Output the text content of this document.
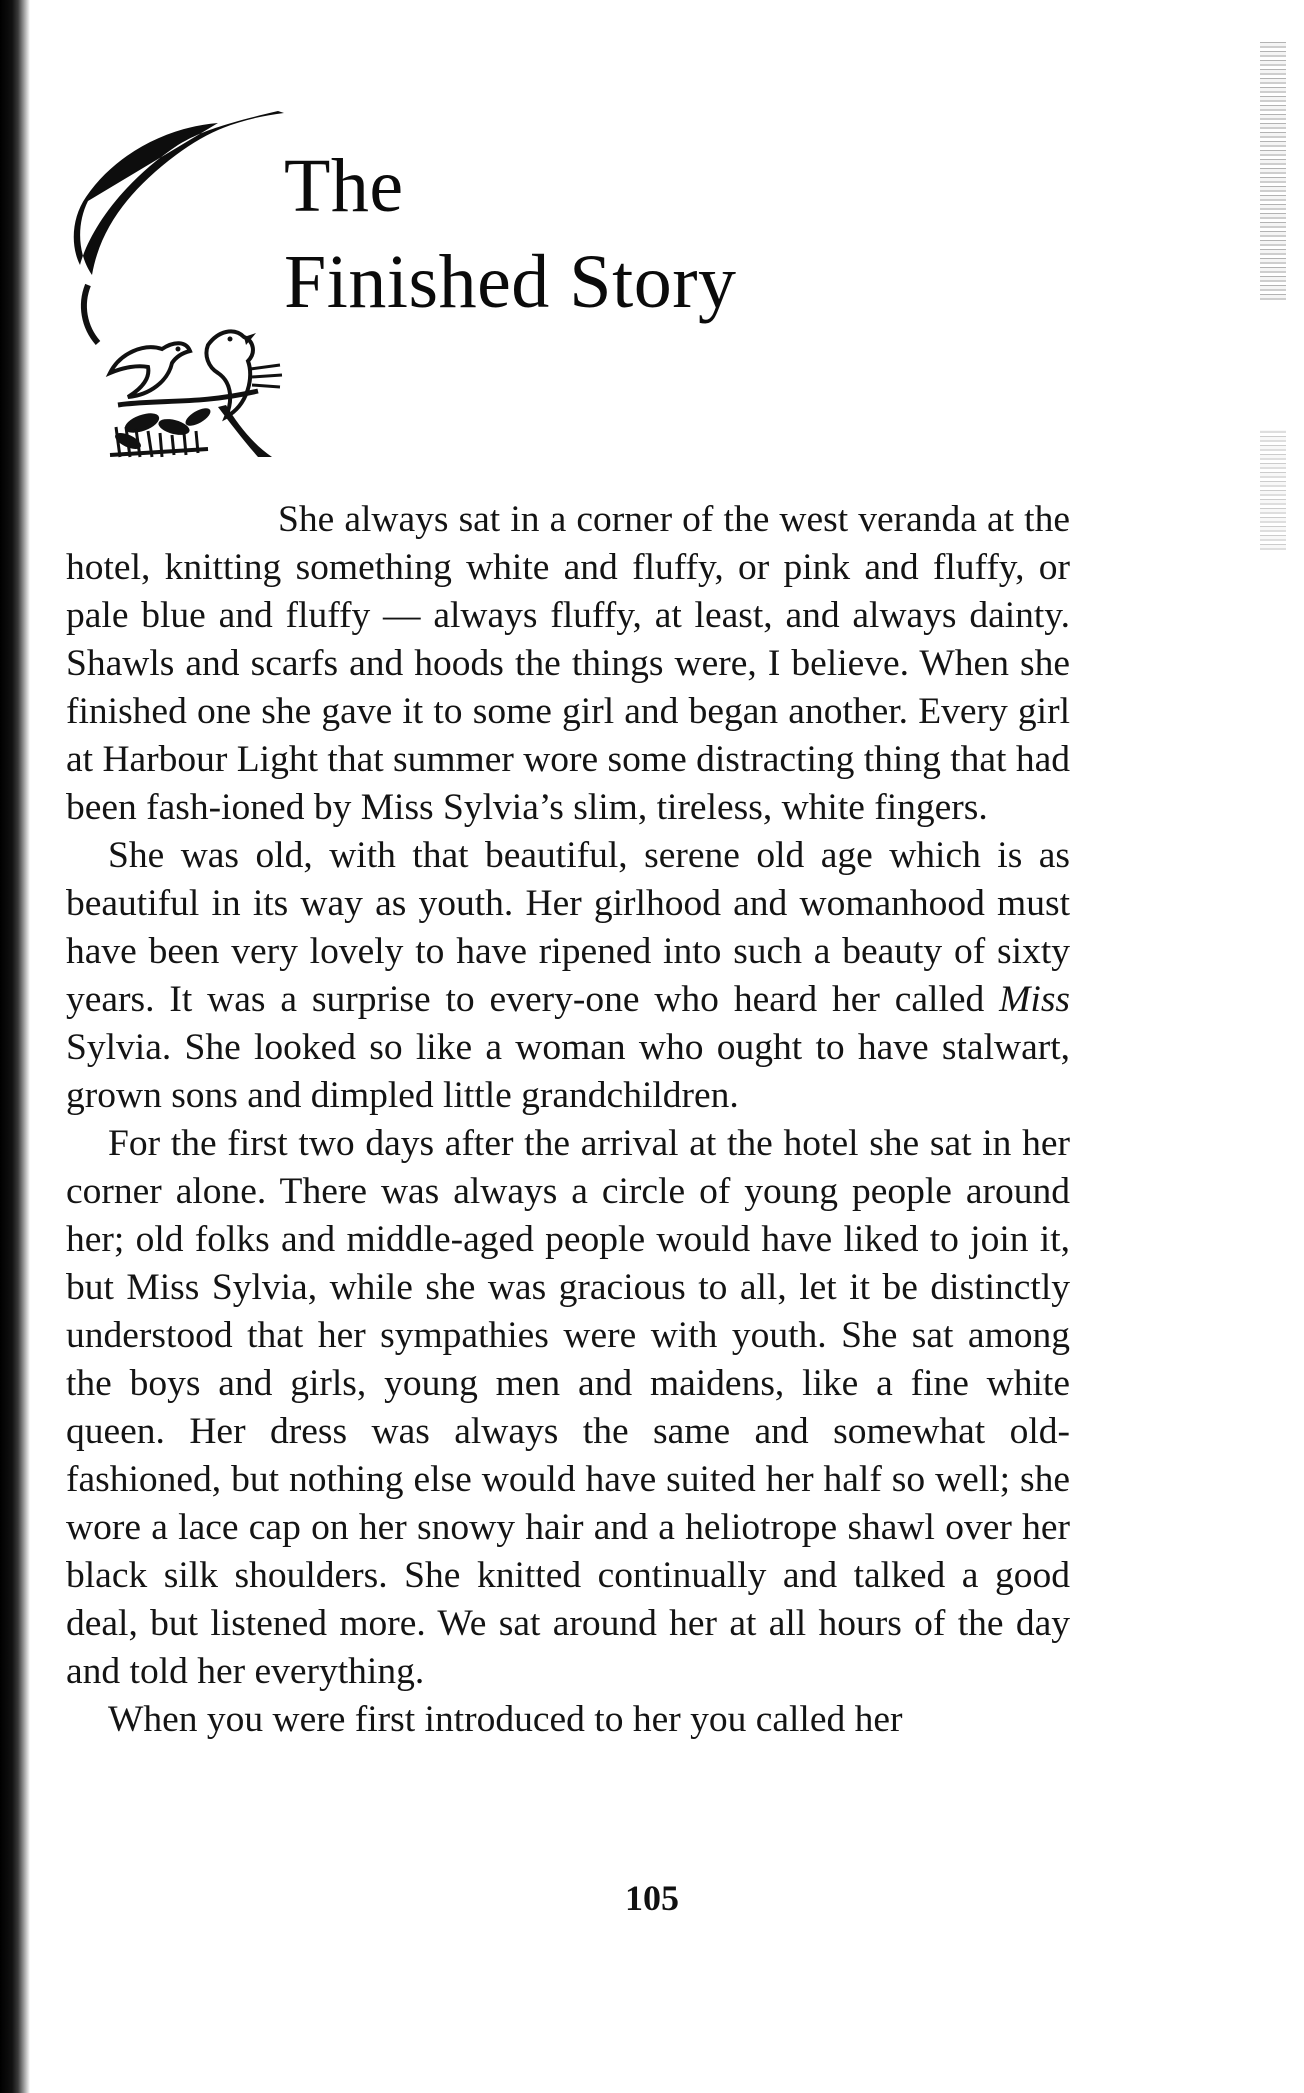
The
Finished Story

She always sat in a corner of the west veranda at the hotel, knitting something white and fluffy, or pink and fluffy, or pale blue and fluffy — always fluffy, at least, and always dainty. Shawls and scarfs and hoods the things were, I believe. When she finished one she gave it to some girl and began another. Every girl at Harbour Light that summer wore some distracting thing that had been fash-ioned by Miss Sylvia’s slim, tireless, white fingers.

She was old, with that beautiful, serene old age which is as beautiful in its way as youth. Her girlhood and womanhood must have been very lovely to have ripened into such a beauty of sixty years. It was a surprise to every-one who heard her called Miss Sylvia. She looked so like a woman who ought to have stalwart, grown sons and dimpled little grandchildren.

For the first two days after the arrival at the hotel she sat in her corner alone. There was always a circle of young people around her; old folks and middle-aged people would have liked to join it, but Miss Sylvia, while she was gracious to all, let it be distinctly understood that her sympathies were with youth. She sat among the boys and girls, young men and maidens, like a fine white queen. Her dress was always the same and somewhat old-fashioned, but nothing else would have suited her half so well; she wore a lace cap on her snowy hair and a heliotrope shawl over her black silk shoulders. She knitted continually and talked a good deal, but listened more. We sat around her at all hours of the day and told her everything.

When you were first introduced to her you called her

105
